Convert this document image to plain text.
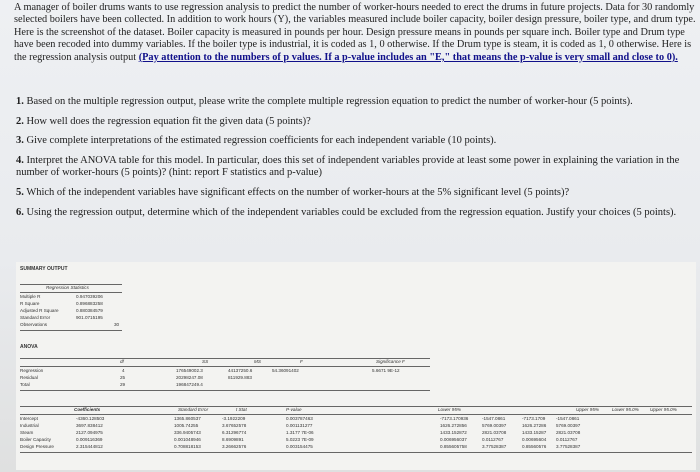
A manager of boiler drums wants to use regression analysis to predict the number of worker-hours needed to erect the drums in future projects. Data for 30 randomly selected boilers have been collected. In addition to work hours (Y), the variables measured include boiler capacity, boiler design pressure, boiler type, and drum type. Here is the screenshot of the dataset. Boiler capacity is measured in pounds per hour. Design pressure means in pounds per square inch. Boiler type and Drum type have been recoded into dummy variables. If the boiler type is industrial, it is coded as 1, 0 otherwise. If the Drum type is steam, it is coded as 1, 0 otherwise. Here is the regression analysis output (Pay attention to the numbers of p values. If a p-value includes an "E," that means the p-value is very small and close to 0).
1. Based on the multiple regression output, please write the complete multiple regression equation to predict the number of worker-hour (5 points).
2. How well does the regression equation fit the given data (5 points)?
3. Give complete interpretations of the estimated regression coefficients for each independent variable (10 points).
4. Interpret the ANOVA table for this model. In particular, does this set of independent variables provide at least some power in explaining the variation in the number of worker-hours (5 points)? (hint: report F statistics and p-value)
5. Which of the independent variables have significant effects on the number of worker-hours at the 5% significant level (5 points)?
6. Using the regression output, determine which of the independent variables could be excluded from the regression equation. Justify your choices (5 points).
SUMMARY OUTPUT
Regression Statistics
Multiple R	0.947039206
R Square	0.896883258
Adjusted R Square	0.880384579
Standard Error	901.0715195
Observations	30
ANOVA
df	SS	MS	F	Significance F
Regression	4	176549002.3	44137250.6	54.36091402	5.6671 9E-12
Residual	25	20298247.08	811929.883
Total	29	196847249.4
Coefficients	Standard Error	t Stat	P-value	Lower 95%	Upper 95%	Lower 95.0% Upper 95.0%
Intercept	-4360.128503	1365.860537	-3.1922209	0.003787463	-7173.170936	-1547.0861	-7173.1709 -1547.0861
Industrial	3697.838412	1005.74255	3.67652578	0.001131277	1626.272856	5769.00397	1626.27286 5769.00397
Steam	2127.094975	336.9405743	6.31296774	1.3177 7E-06	1433.152872	2821.03708	1433.15287 2821.03708
Boiler Capacity	0.009116369	0.001048946	8.6909891	5.0223 7E-09	0.006956037	0.0112767	0.00695604 0.0112767
Design Pressure	2.315444812	0.708818153	3.26662576	0.003154475	0.855605758	3.77528387	0.85560576 3.77528387
